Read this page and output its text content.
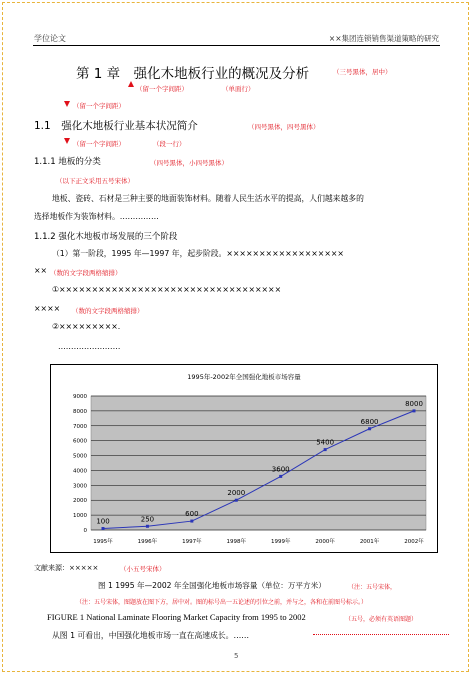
学位论文	××集团连锁销售渠道策略的研究
第 1 章　强化木地板行业的概况及分析	（三号黑体，居中）
（留一个字间距）	（单面行）
（留一个字间距）
1.1　强化木地板行业基本状况简介	（四号黑体，四号黑体）
（留一个字间距）	（段一行）
1.1.1 地板的分类	（四号黑体，小四号黑体）
（以下正文采用五号宋体）
地板、瓷砖、石材是三种主要的地面装饰材料。随着人民生活水平的提高，人们越来越多的
选择地板作为装饰材料。……………
1.1.2 强化木地板市场发展的三个阶段
（1）第一阶段，1995 年—1997 年，起步阶段。××××××××××××××××××
×× （数的文字段两格缩排）
①××××××××××××××××××××××××××××××××××
×××× （数的文字段两格缩排）
②×××××××××.
……………………
1995年-2002年全国强化地板市场容量
0
1000
2000
3000
4000
5000
6000
7000
8000
9000
1995年	1996年	1997年	1998年	1999年	2000年	2001年	2002年
100	250
600
2000
3600
5400
6800
8000
文献来源：×××××	（小五号宋体）
图 1 1995 年—2002 年全国强化地板市场容量（单位：万平方米）	（注：五号宋体，
（注：五号宋体，图题放在图下方，居中对。图的标号出一五论述的引位之前，并与之，各和在前图号标示。）
FIGURE 1 National Laminate Flooring Market Capacity from 1995 to 2002	（五号，必须有英语图题）
从图 1 可看出，中国强化地板市场一直在高速成长。……
5
